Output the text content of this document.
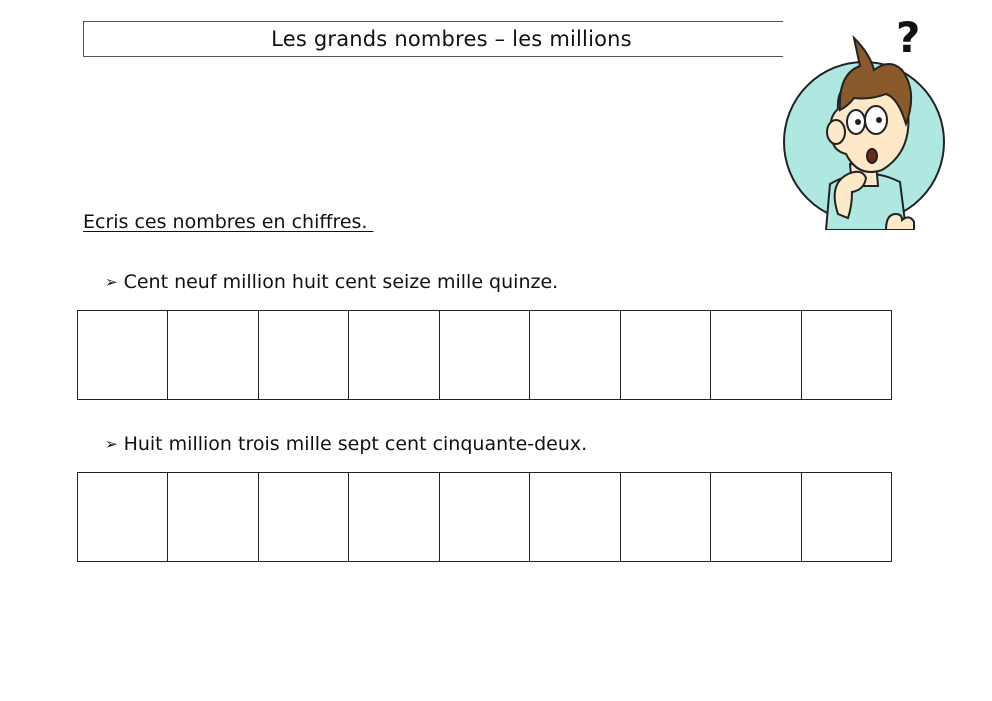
Les grands nombres – les millions	?
Ecris ces nombres en chiffres.
➢ Cent neuf million huit cent seize mille quinze.
➢ Huit million trois mille sept cent cinquante-deux.
